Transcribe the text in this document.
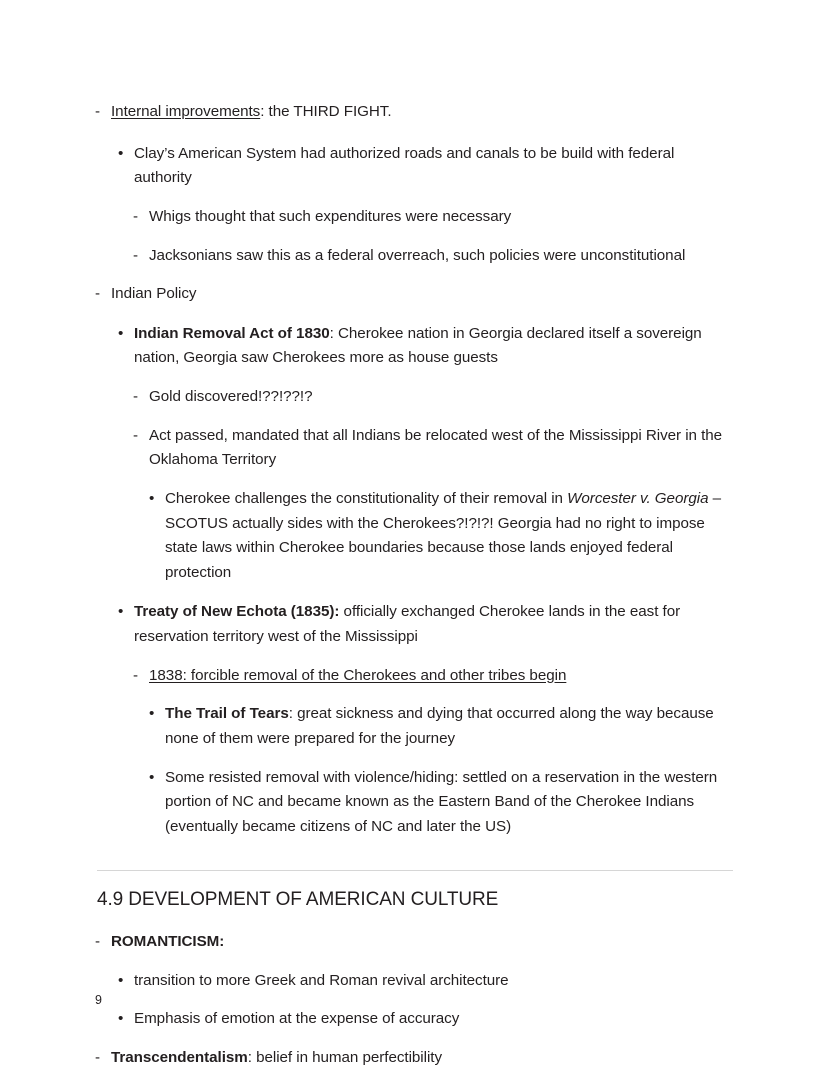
- Internal improvements: the THIRD FIGHT.
• Clay’s American System had authorized roads and canals to be build with federal authority
- Whigs thought that such expenditures were necessary
- Jacksonians saw this as a federal overreach, such policies were unconstitutional
- Indian Policy
• Indian Removal Act of 1830: Cherokee nation in Georgia declared itself a sovereign nation, Georgia saw Cherokees more as house guests
- Gold discovered!??!??!?
- Act passed, mandated that all Indians be relocated west of the Mississippi River in the Oklahoma Territory
• Cherokee challenges the constitutionality of their removal in Worcester v. Georgia – SCOTUS actually sides with the Cherokees?!?!?! Georgia had no right to impose state laws within Cherokee boundaries because those lands enjoyed federal protection
• Treaty of New Echota (1835): officially exchanged Cherokee lands in the east for reservation territory west of the Mississippi
- 1838: forcible removal of the Cherokees and other tribes begin
• The Trail of Tears: great sickness and dying that occurred along the way because none of them were prepared for the journey
• Some resisted removal with violence/hiding: settled on a reservation in the western portion of NC and became known as the Eastern Band of the Cherokee Indians (eventually became citizens of NC and later the US)
4.9 DEVELOPMENT OF AMERICAN CULTURE
- ROMANTICISM:
• transition to more Greek and Roman revival architecture
• Emphasis of emotion at the expense of accuracy
- Transcendentalism: belief in human perfectibility
9
